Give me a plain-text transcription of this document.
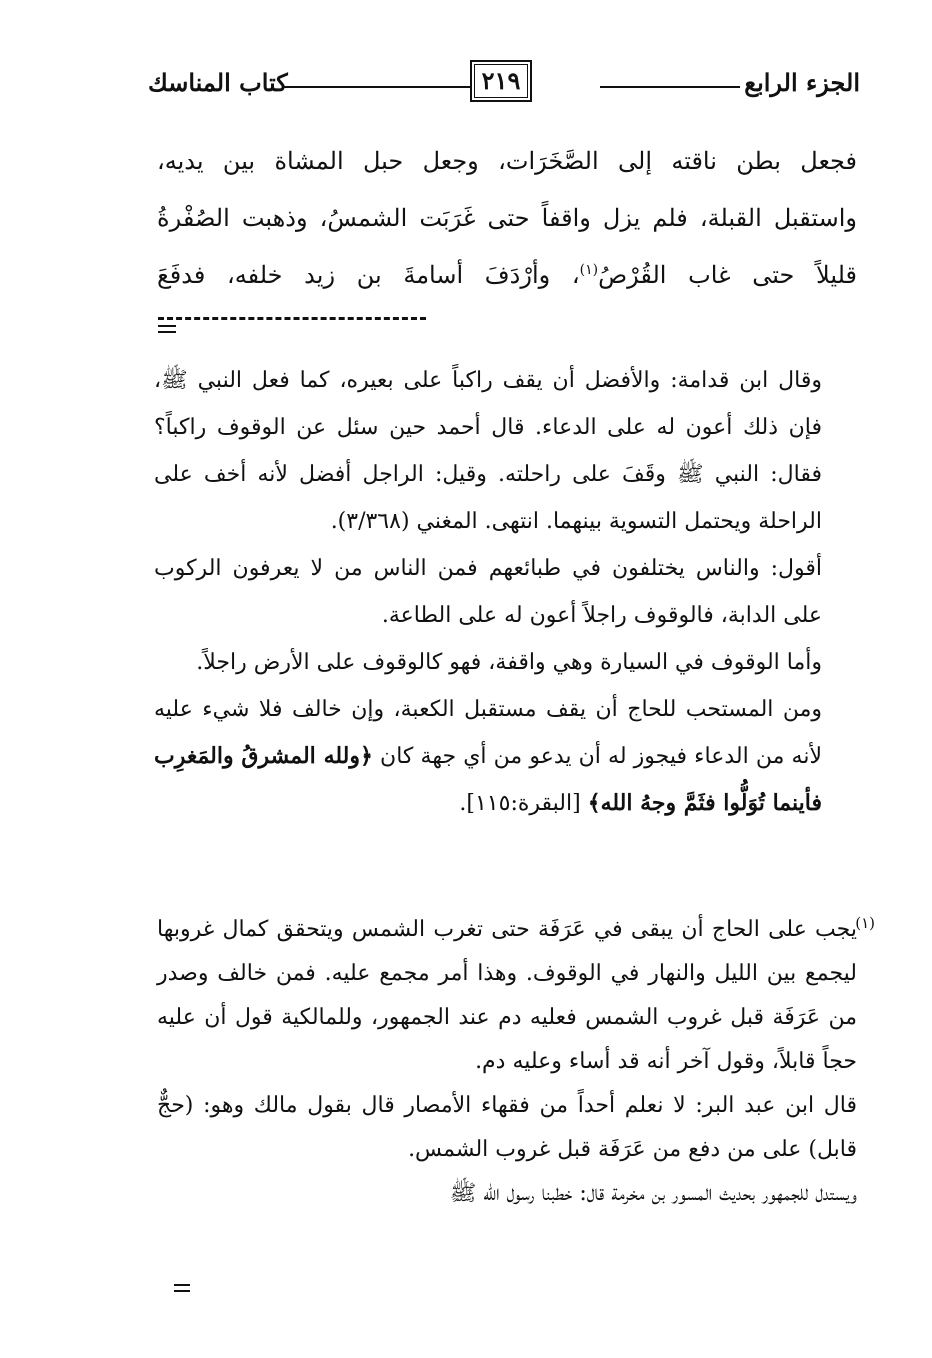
الجزء الرابع
٢١٩
كتاب المناسك
فجعل بطن ناقته إلى الصَّخَرَات، وجعل حبل المشاة بين يديه،
واستقبل القبلة، فلم يزل واقفاً حتى غَرَبَت الشمسُ، وذهبت الصُفْرةُ
قليلاً حتى غاب القُرْصُ$^{(١)}$، وأرْدَفَ أسامةَ بن زيد خلفه، فدفَعَ

وقال ابن قدامة: والأفضل أن يقف راكباً على بعيره، كما فعل النبي ﷺ، فإن ذلك أعون له على الدعاء. قال أحمد حين سئل عن الوقوف راكباً؟ فقال: النبي ﷺ وقَفَ على راحلته. وقيل: الراجل أفضل لأنه أخف على الراحلة ويحتمل التسوية بينهما. انتهى. المغني (٣/٣٦٨).

أقول: والناس يختلفون في طبائعهم فمن الناس من لا يعرفون الركوب على الدابة، فالوقوف راجلاً أعون له على الطاعة.

وأما الوقوف في السيارة وهي واقفة، فهو كالوقوف على الأرض راجلاً.

ومن المستحب للحاج أن يقف مستقبل الكعبة، وإن خالف فلا شيء عليه لأنه من الدعاء فيجوز له أن يدعو من أي جهة كان ﴿ولله المشرقُ والمَغرِب فأينما تُوَلُّوا فثَمَّ وجهُ الله﴾ [البقرة:١١٥].

(١)

يجب على الحاج أن يبقى في عَرَفَة حتى تغرب الشمس ويتحقق كمال غروبها ليجمع بين الليل والنهار في الوقوف. وهذا أمر مجمع عليه. فمن خالف وصدر من عَرَفَة قبل غروب الشمس فعليه دم عند الجمهور، وللمالكية قول أن عليه حجاً قابلاً، وقول آخر أنه قد أساء وعليه دم.

قال ابن عبد البر: لا نعلم أحداً من فقهاء الأمصار قال بقول مالك وهو: (حجٌّ قابل) على من دفع من عَرَفَة قبل غروب الشمس.

ويستدل للجمهور بحديث المسور بن مخرمة قال: خطبنا رسول الله ﷺ
